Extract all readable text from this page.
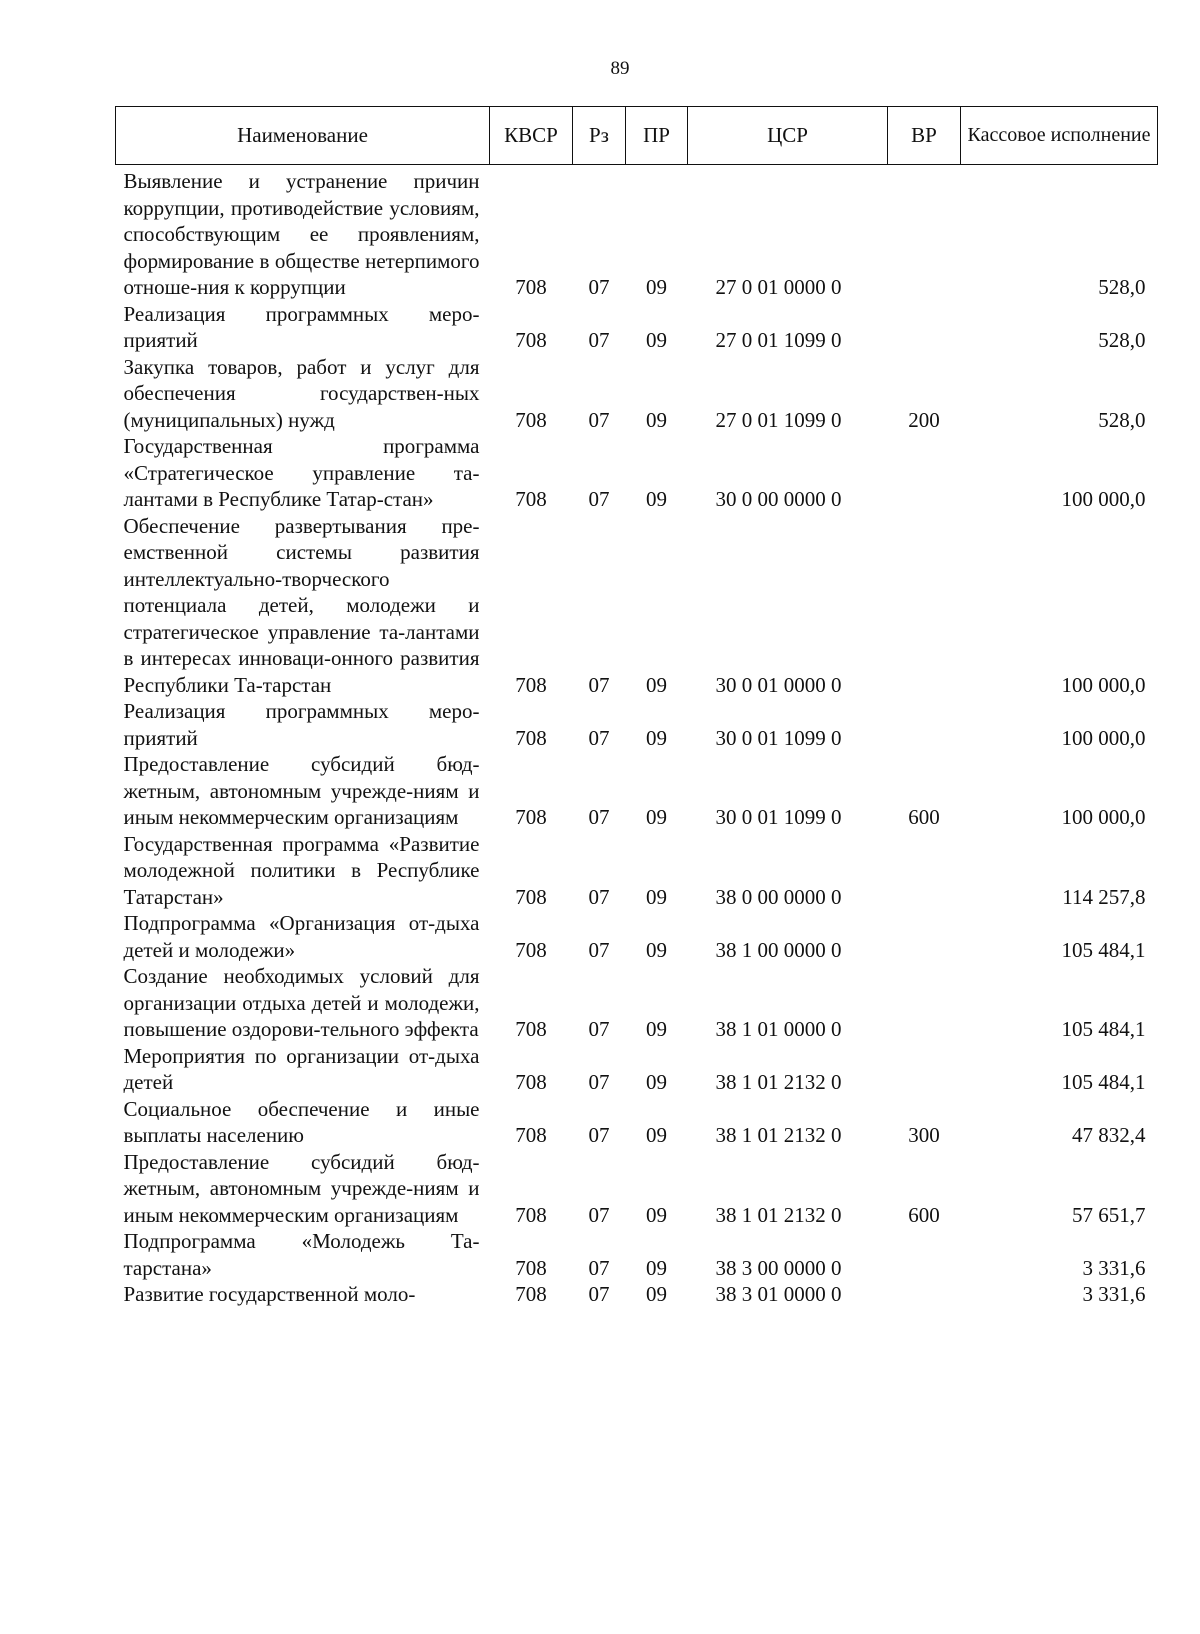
89
Наименование	КВСР	Рз	ПР	ЦСР	ВР	Кассовое исполнение
Выявление и устранение причин коррупции, противодействие условиям, способствующим ее проявлениям, формирование в обществе нетерпимого отноше-ния к коррупции	708	07	09	27 0 01 0000 0		528,0
Реализация программных меро-приятий	708	07	09	27 0 01 1099 0		528,0
Закупка товаров, работ и услуг для обеспечения государствен-ных (муниципальных) нужд	708	07	09	27 0 01 1099 0	200	528,0
Государственная программа «Стратегическое управление та-лантами в Республике Татар-стан»	708	07	09	30 0 00 0000 0		100 000,0
Обеспечение развертывания пре-емственной системы развития интеллектуально-творческого потенциала детей, молодежи и стратегическое управление та-лантами в интересах инноваци-онного развития Республики Та-тарстан	708	07	09	30 0 01 0000 0		100 000,0
Реализация программных меро-приятий	708	07	09	30 0 01 1099 0		100 000,0
Предоставление субсидий бюд-жетным, автономным учрежде-ниям и иным некоммерческим организациям	708	07	09	30 0 01 1099 0	600	100 000,0
Государственная программа «Развитие молодежной политики в Республике Татарстан»	708	07	09	38 0 00 0000 0		114 257,8
Подпрограмма «Организация от-дыха детей и молодежи»	708	07	09	38 1 00 0000 0		105 484,1
Создание необходимых условий для организации отдыха детей и молодежи, повышение оздорови-тельного эффекта	708	07	09	38 1 01 0000 0		105 484,1
Мероприятия по организации от-дыха детей	708	07	09	38 1 01 2132 0		105 484,1
Социальное обеспечение и иные выплаты населению	708	07	09	38 1 01 2132 0	300	47 832,4
Предоставление субсидий бюд-жетным, автономным учрежде-ниям и иным некоммерческим организациям	708	07	09	38 1 01 2132 0	600	57 651,7
Подпрограмма «Молодежь Та-тарстана»	708	07	09	38 3 00 0000 0		3 331,6
Развитие государственной моло-	708	07	09	38 3 01 0000 0		3 331,6
